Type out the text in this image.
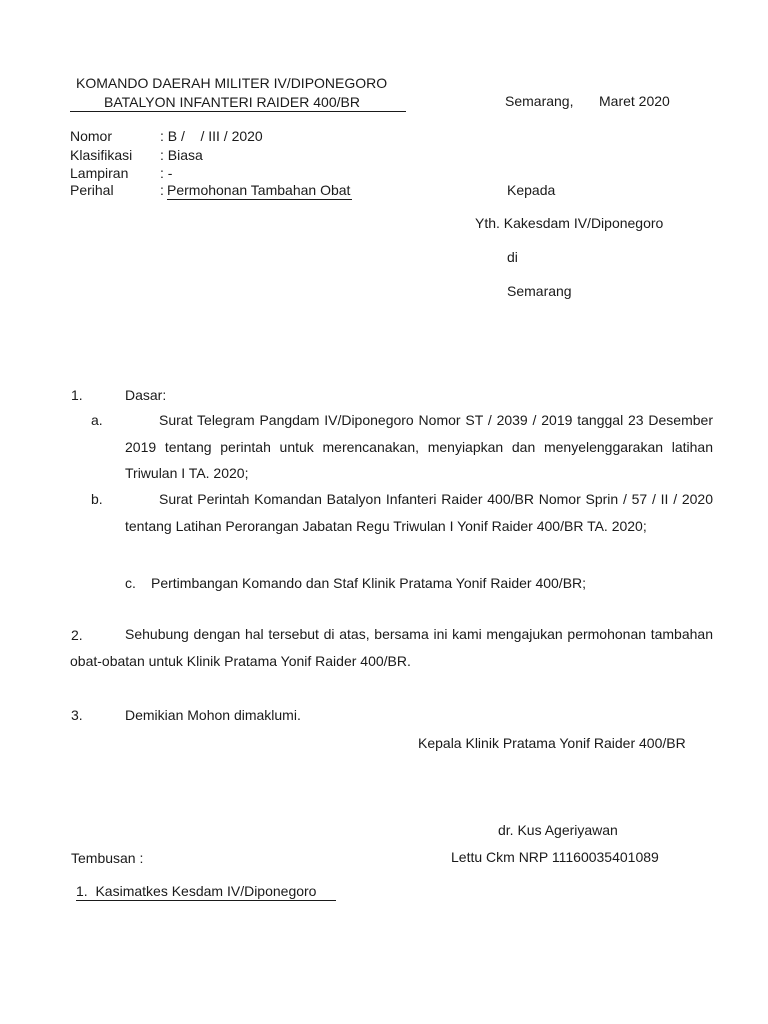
KOMANDO DAERAH MILITER IV/DIPONEGORO
BATALYON INFANTERI RAIDER 400/BR	Semarang, Maret 2020
Nomor	: B /    / III / 2020
Klasifikasi : Biasa
Lampiran : -
Perihal	: Permohonan Tambahan Obat	Kepada
Yth. Kakesdam IV/Diponegoro
di
Semarang
1.	Dasar:
a.	Surat Telegram Pangdam IV/Diponegoro Nomor ST / 2039 / 2019 tanggal 23 Desember 2019 tentang perintah untuk merencanakan, menyiapkan dan menyelenggarakan latihan Triwulan I TA. 2020;
b.	Surat Perintah Komandan Batalyon Infanteri Raider 400/BR Nomor Sprin / 57 / II / 2020 tentang Latihan Perorangan Jabatan Regu Triwulan I Yonif Raider 400/BR TA. 2020;
c. Pertimbangan Komando dan Staf Klinik Pratama Yonif Raider 400/BR;
2.	Sehubung dengan hal tersebut di atas, bersama ini kami mengajukan permohonan tambahan obat-obatan untuk Klinik Pratama Yonif Raider 400/BR.
3.	Demikian Mohon dimaklumi.
Kepala Klinik Pratama Yonif Raider 400/BR
dr. Kus Ageriyawan
Lettu Ckm NRP 11160035401089
Tembusan :
1. Kasimatkes Kesdam IV/Diponegoro
